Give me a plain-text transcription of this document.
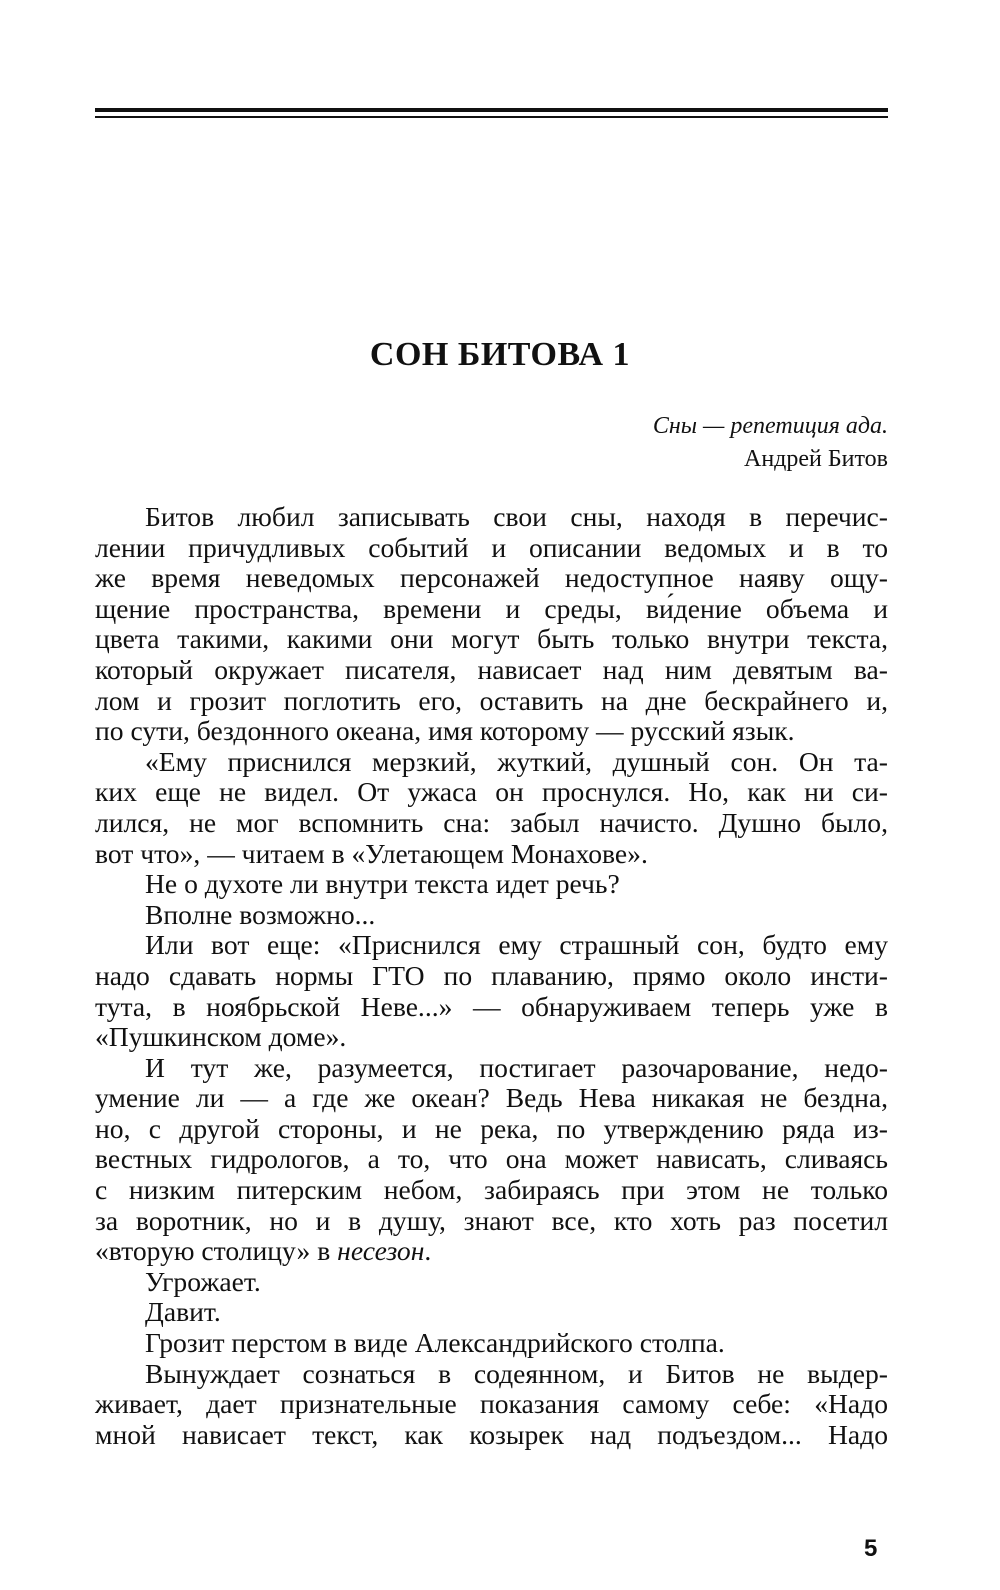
СОН БИТОВА 1
Сны — репетиция ада.
Андрей Битов

Битов любил записывать свои сны, находя в перечис-
лении причудливых событий и описании ведомых и в то
же время неведомых персонажей недоступное наяву ощу-
щение пространства, времени и среды, ви́дение объема и
цвета такими, какими они могут быть только внутри текста,
который окружает писателя, нависает над ним девятым ва-
лом и грозит поглотить его, оставить на дне бескрайнего и,
по сути, бездонного океана, имя которому — русский язык.

«Ему приснился мерзкий, жуткий, душный сон. Он та-
ких еще не видел. От ужаса он проснулся. Но, как ни си-
лился, не мог вспомнить сна: забыл начисто. Душно было,
вот что», — читаем в «Улетающем Монахове».

Не о духоте ли внутри текста идет речь?

Вполне возможно...

Или вот еще: «Приснился ему страшный сон, будто ему
надо сдавать нормы ГТО по плаванию, прямо около инсти-
тута, в ноябрьской Неве...» — обнаруживаем теперь уже в
«Пушкинском доме».

И тут же, разумеется, постигает разочарование, недо-
умение ли — а где же океан? Ведь Нева никакая не бездна,
но, с другой стороны, и не река, по утверждению ряда из-
вестных гидрологов, а то, что она может нависать, сливаясь
с низким питерским небом, забираясь при этом не только
за воротник, но и в душу, знают все, кто хоть раз посетил
«вторую столицу» в несезон.

Угрожает.

Давит.

Грозит перстом в виде Александрийского столпа.

Вынуждает сознаться в содеянном, и Битов не выдер-
живает, дает признательные показания самому себе: «Надо
мной нависает текст, как козырек над подъездом... Надо

5
